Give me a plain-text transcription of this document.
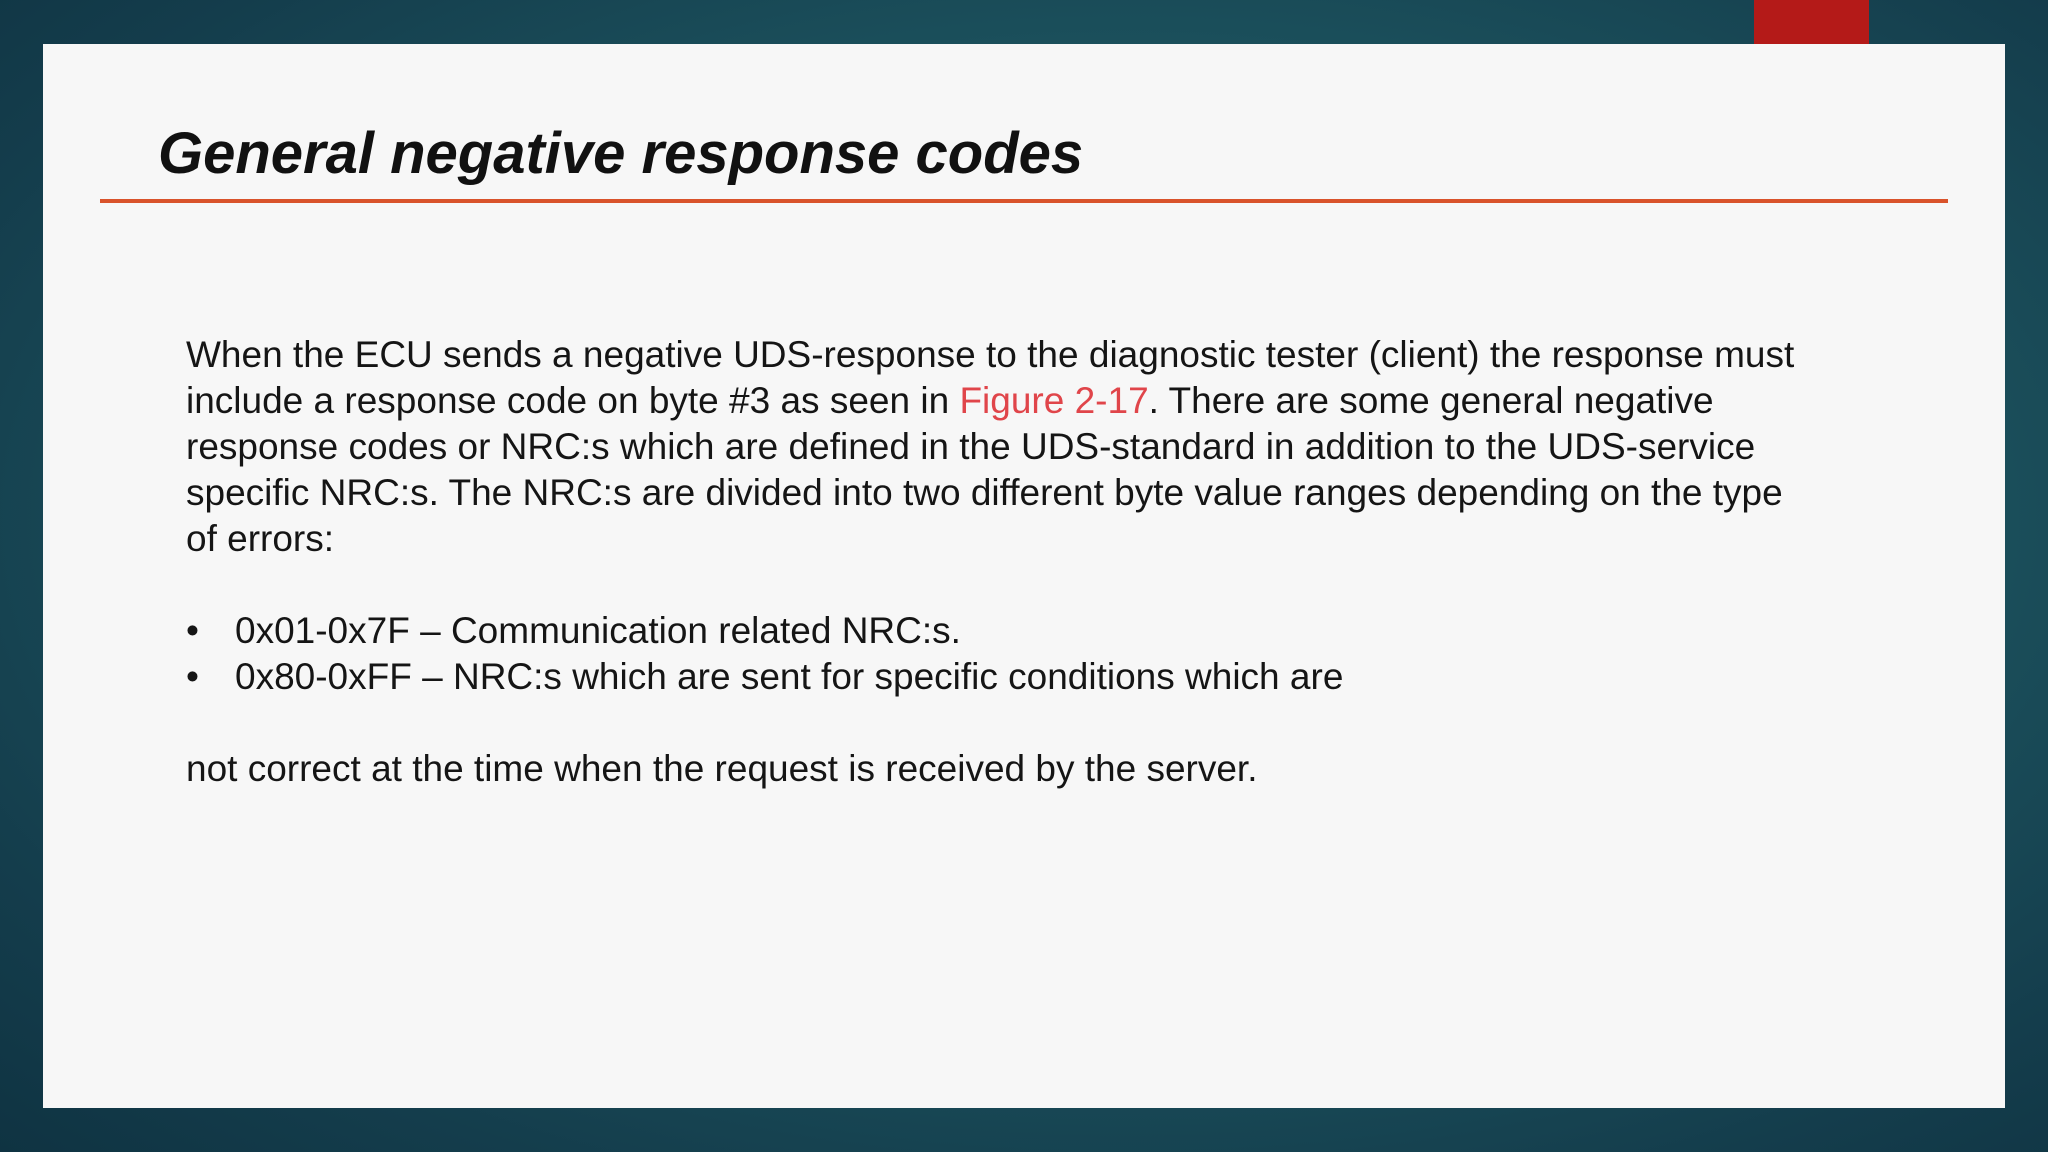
General negative response codes

When the ECU sends a negative UDS-response to the diagnostic tester (client) the response must include a response code on byte #3 as seen in Figure 2-17. There are some general negative response codes or NRC:s which are defined in the UDS-standard in addition to the UDS-service specific NRC:s. The NRC:s are divided into two different byte value ranges depending on the type of errors:

• 0x01-0x7F – Communication related NRC:s.
• 0x80-0xFF – NRC:s which are sent for specific conditions which are

not correct at the time when the request is received by the server.
